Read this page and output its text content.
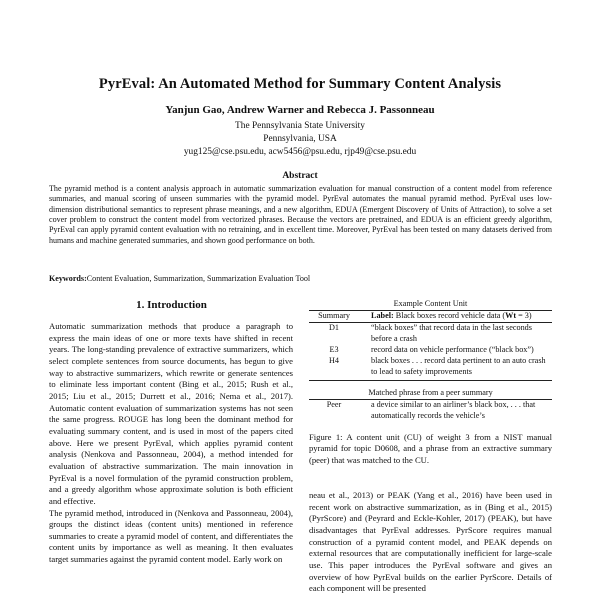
PyrEval: An Automated Method for Summary Content Analysis
Yanjun Gao, Andrew Warner and Rebecca J. Passonneau
The Pennsylvania State University
Pennsylvania, USA
yug125@cse.psu.edu, acw5456@psu.edu, rjp49@cse.psu.edu
Abstract
The pyramid method is a content analysis approach in automatic summarization evaluation for manual construction of a content model from reference summaries, and manual scoring of unseen summaries with the pyramid model. PyrEval automates the manual pyramid method. PyrEval uses low-dimension distributional semantics to represent phrase meanings, and a new algorithm, EDUA (Emergent Discovery of Units of Attraction), to solve a set cover problem to construct the content model from vectorized phrases. Because the vectors are pretrained, and EDUA is an efficient greedy algorithm, PyrEval can apply pyramid content evaluation with no retraining, and in excellent time. Moreover, PyrEval has been tested on many datasets derived from humans and machine generated summaries, and shown good performance on both.
Keywords:Content Evaluation, Summarization, Summarization Evaluation Tool
1. Introduction

Automatic summarization methods that produce a paragraph to express the main ideas of one or more texts have shifted in recent years. The long-standing prevalence of extractive summarizers, which select complete sentences from source documents, has begun to give way to abstractive summarizers, which rewrite or generate sentences to eliminate less important content (Bing et al., 2015; Rush et al., 2015; Liu et al., 2015; Durrett et al., 2016; Nema et al., 2017). Automatic content evaluation of summarization systems has not seen the same progress. ROUGE has long been the dominant method for evaluating summary content, and is used in most of the papers cited above. Here we present PyrEval, which applies pyramid content analysis (Nenkova and Passonneau, 2004), a method intended for evaluation of abstractive summarization. The main innovation in PyrEval is a novel formulation of the pyramid construction problem, and a greedy algorithm whose approximate solution is both efficient and effective.

The pyramid method, introduced in (Nenkova and Passonneau, 2004), groups the distinct ideas (content units) mentioned in reference summaries to create a pyramid model of content, and differentiates the content units by importance as well as meaning. It then evaluates target summaries against the pyramid content model. Early work on

Example Content Unit
Summary	Label: Black boxes record vehicle data (Wt = 3)
D1	“black boxes” that record data in the last seconds before a crash
E3	record data on vehicle performance (“black box”)
H4	black boxes . . . record data pertinent to an auto crash to lead to safety improvements
Matched phrase from a peer summary
Peer	a device similar to an airliner’s black box, . . . that automatically records the vehicle’s
Figure 1: A content unit (CU) of weight 3 from a NIST manual pyramid for topic D0608, and a phrase from an extractive summary (peer) that was matched to the CU.

neau et al., 2013) or PEAK (Yang et al., 2016) have been used in recent work on abstractive summarization, as in (Bing et al., 2015) (PyrScore) and (Peyrard and Eckle-Kohler, 2017) (PEAK), but have disadvantages that PyrEval addresses. PyrScore requires manual construction of a pyramid content model, and PEAK depends on external resources that are computationally inefficient for large-scale use. This paper introduces the PyrEval software and gives an overview of how PyrEval builds on the earlier PyrScore. Details of each component will be presented
